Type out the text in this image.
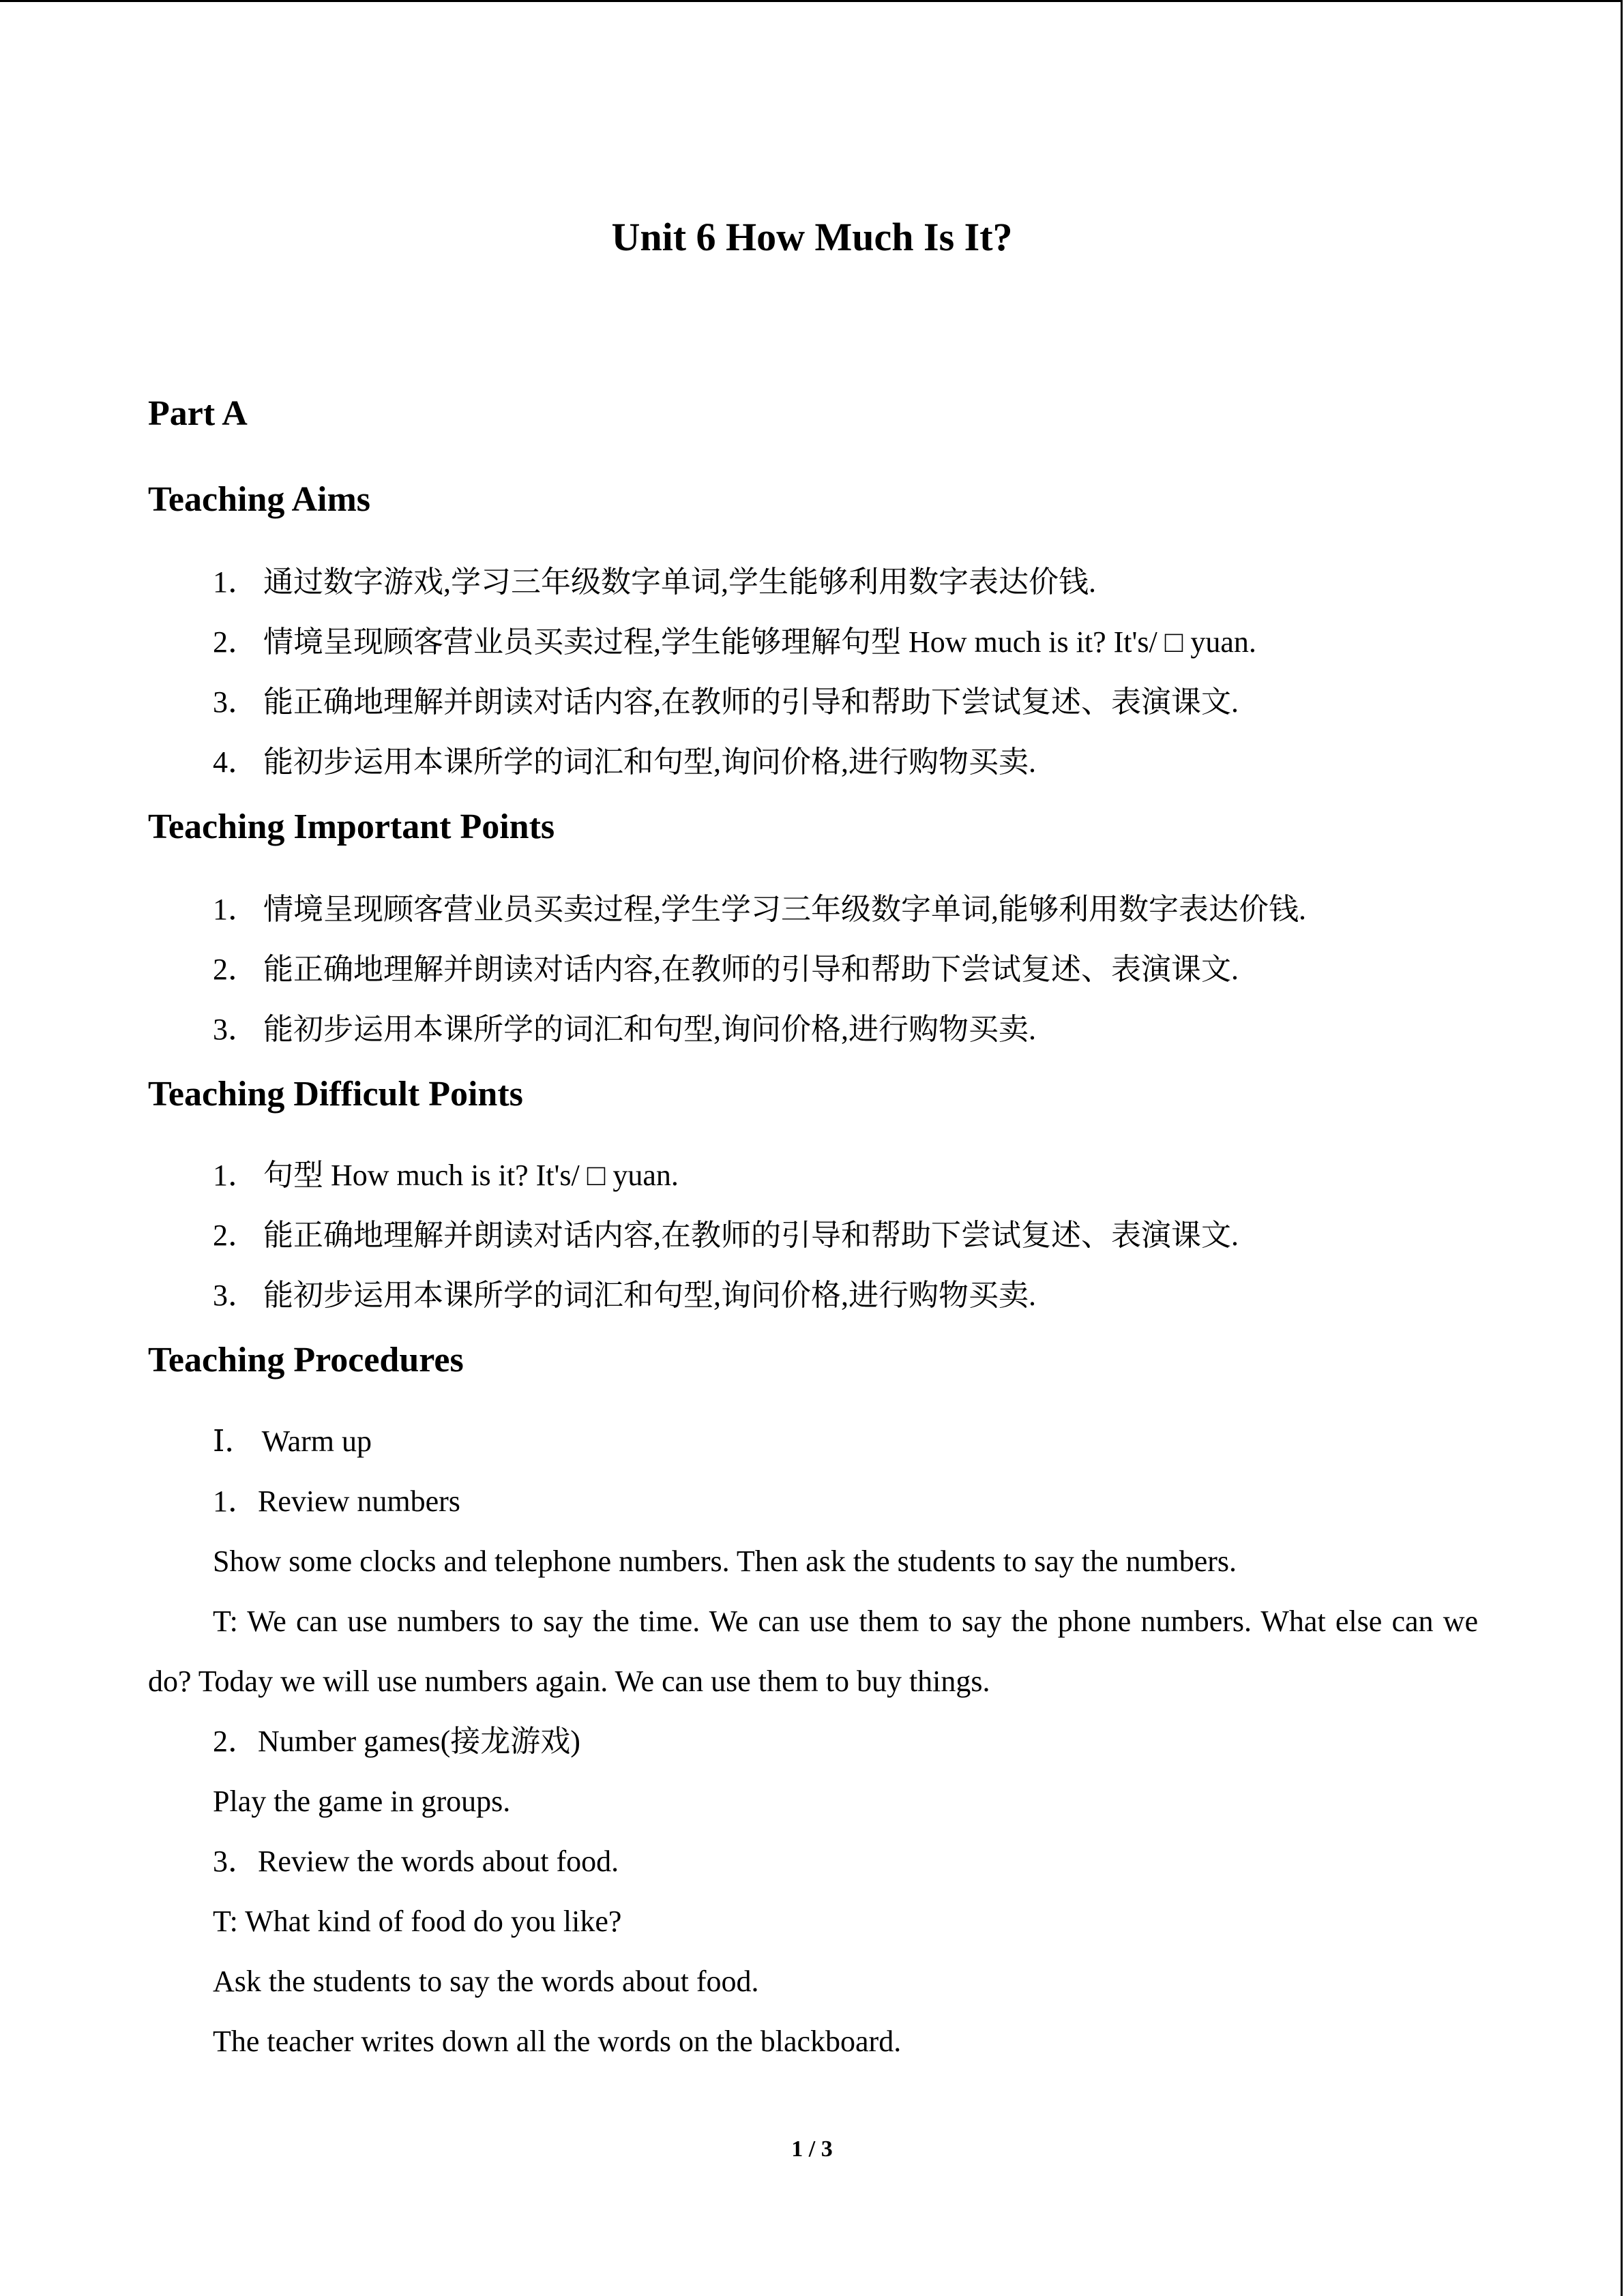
Unit 6 How Much Is It?
Part A
Teaching Aims

1． 通过数字游戏,学习三年级数字单词,学生能够利用数字表达价钱.

2． 情境呈现顾客营业员买卖过程,学生能够理解句型 How much is it? It's/ □ yuan.

3． 能正确地理解并朗读对话内容,在教师的引导和帮助下尝试复述、表演课文.

4． 能初步运用本课所学的词汇和句型,询问价格,进行购物买卖.

Teaching Important Points

1． 情境呈现顾客营业员买卖过程,学生学习三年级数字单词,能够利用数字表达价钱.

2． 能正确地理解并朗读对话内容,在教师的引导和帮助下尝试复述、表演课文.

3． 能初步运用本课所学的词汇和句型,询问价格,进行购物买卖.

Teaching Difficult Points

1． 句型 How much is it? It's/ □ yuan.

2． 能正确地理解并朗读对话内容,在教师的引导和帮助下尝试复述、表演课文.

3． 能初步运用本课所学的词汇和句型,询问价格,进行购物买卖.

Teaching Procedures

Ⅰ． Warm up

1．Review numbers

Show some clocks and telephone numbers. Then ask the students to say the numbers.

T: We can use numbers to say the time. We can use them to say the phone numbers. What else can we do? Today we will use numbers again. We can use them to buy things.

2．Number games(接龙游戏)

Play the game in groups.

3．Review the words about food.

T: What kind of food do you like?

Ask the students to say the words about food.

The teacher writes down all the words on the blackboard.

1 / 3
